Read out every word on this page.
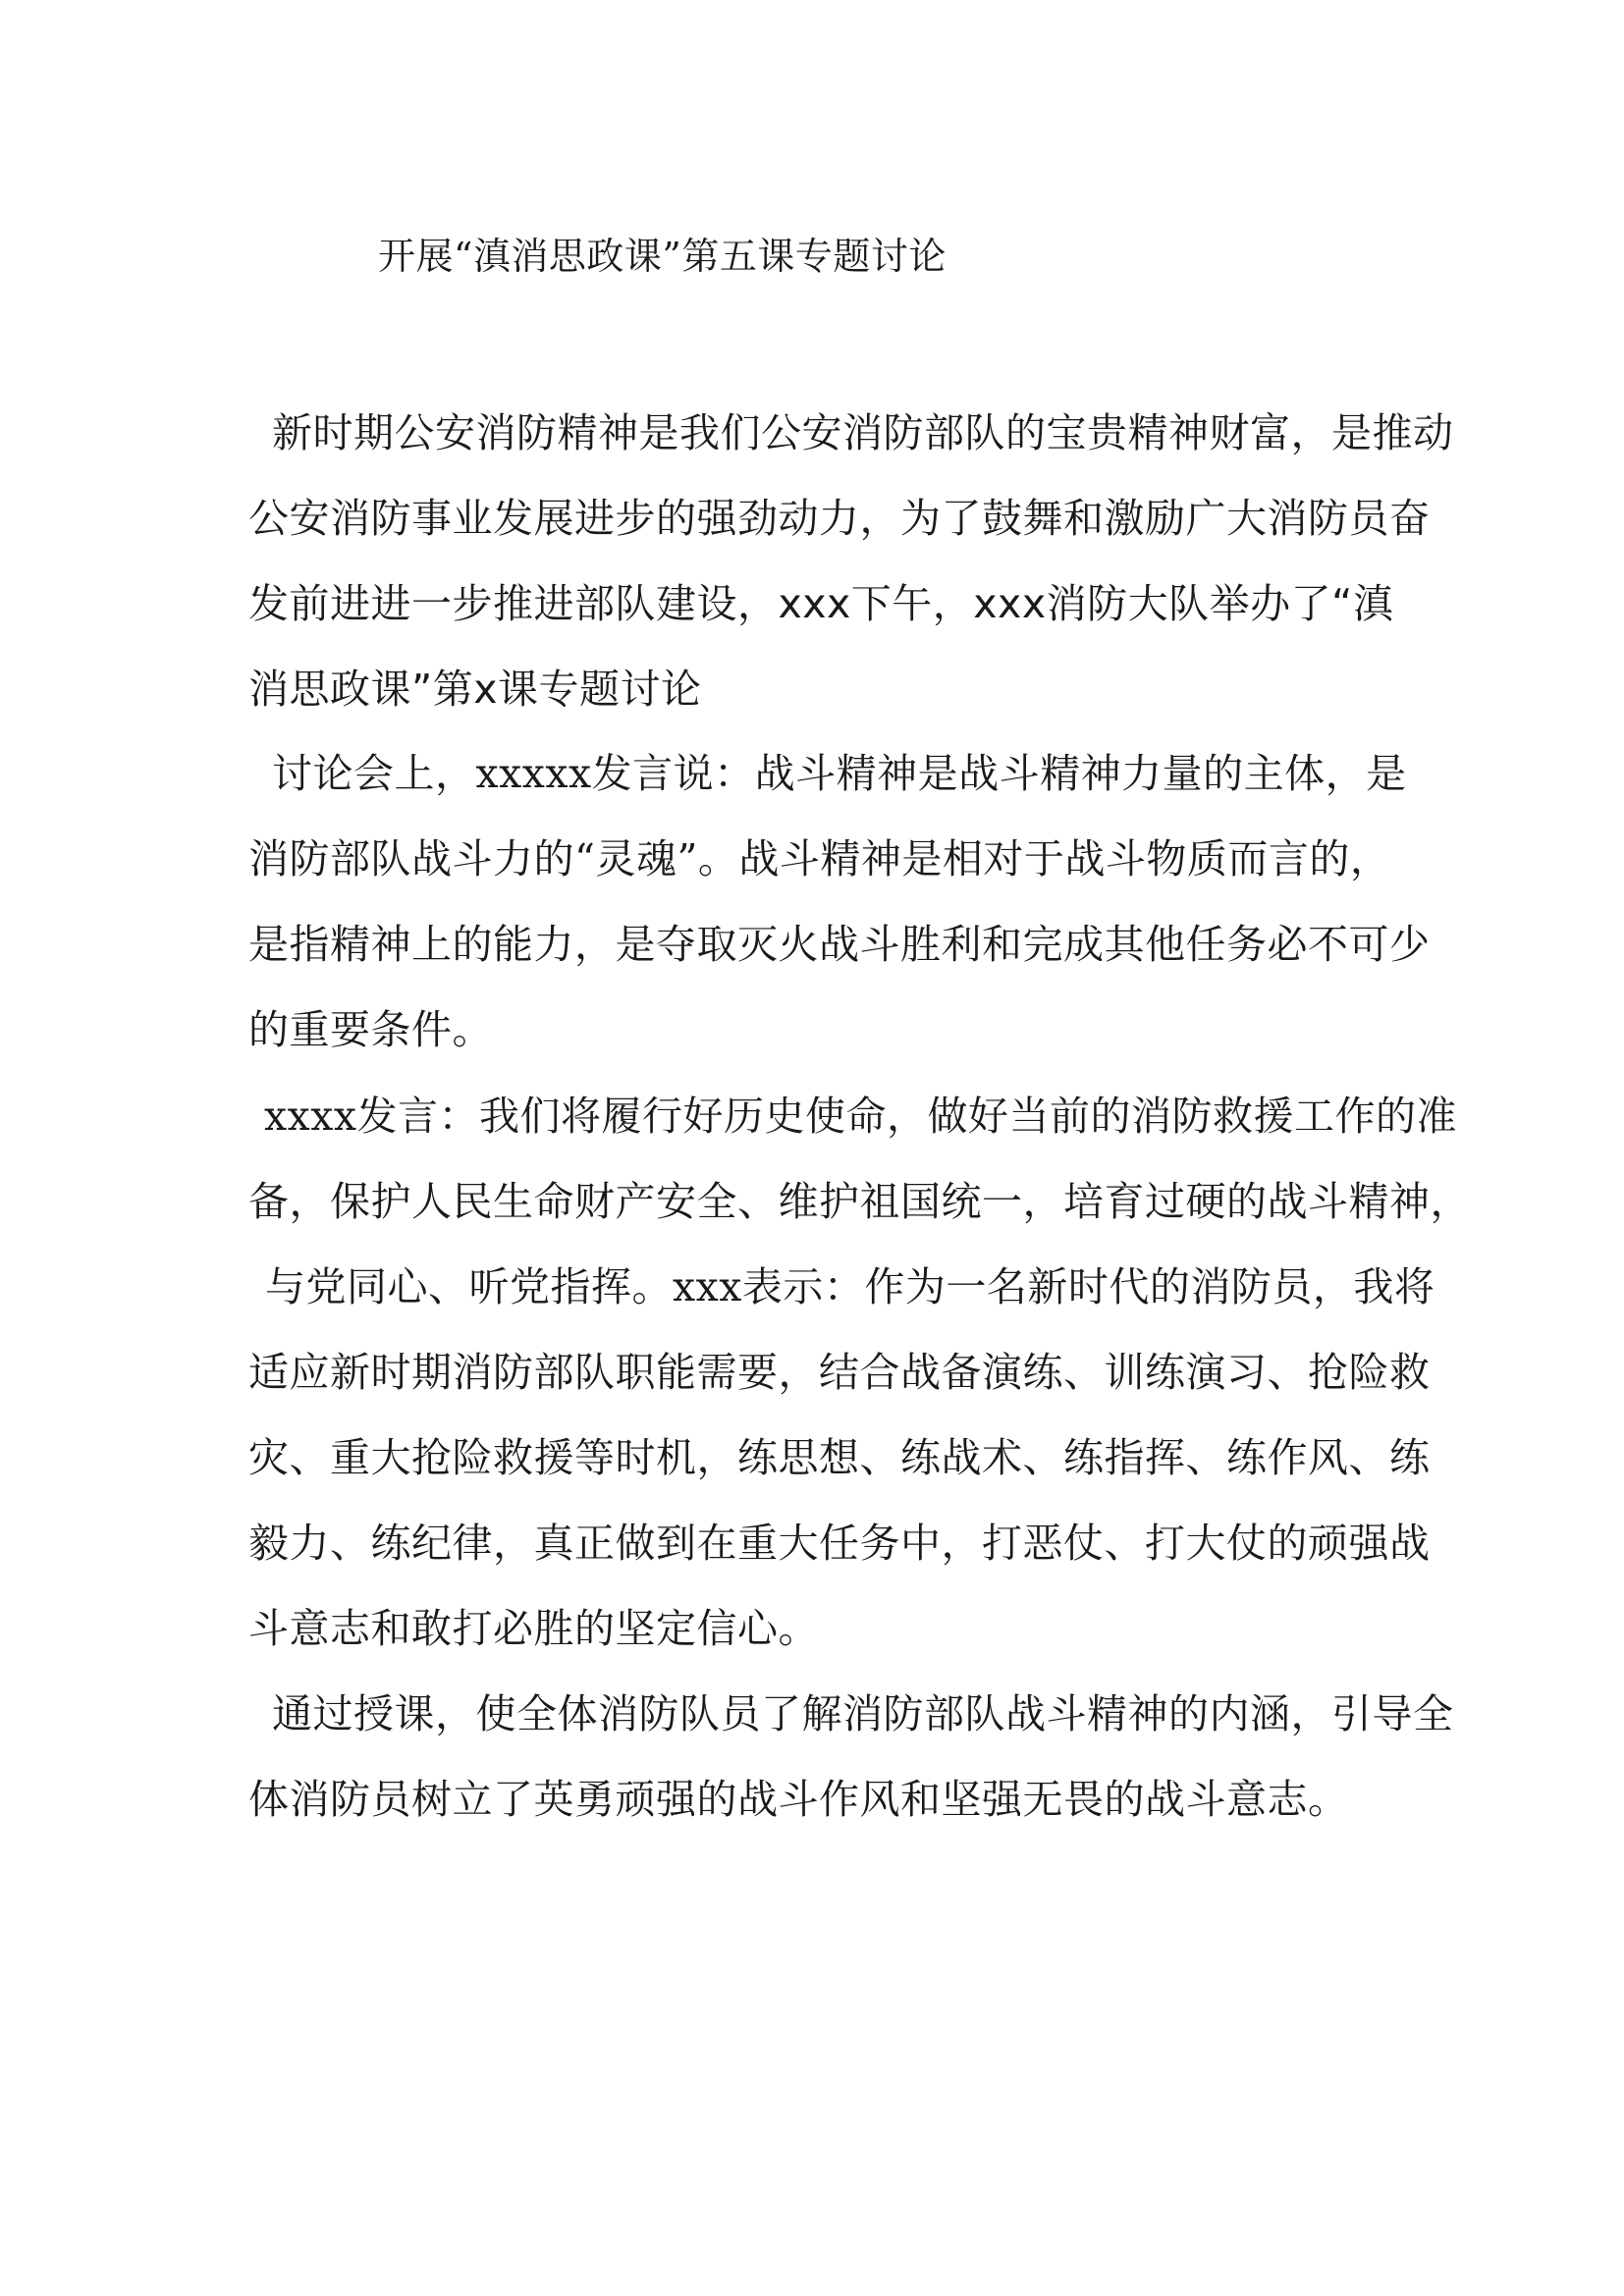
开展“滇消思政课”第五课专题讨论
新时期公安消防精神是我们公安消防部队的宝贵精神财富，是推动
公安消防事业发展进步的强劲动力，为了鼓舞和激励广大消防员奋
发前进进一步推进部队建设，xxx下午，xxx消防大队举办了“滇
消思政课”第x课专题讨论
讨论会上，xxxxx发言说：战斗精神是战斗精神力量的主体，是
消防部队战斗力的“灵魂”。战斗精神是相对于战斗物质而言的，
是指精神上的能力，是夺取灭火战斗胜利和完成其他任务必不可少
的重要条件。
xxxx发言：我们将履行好历史使命，做好当前的消防救援工作的准
备，保护人民生命财产安全、维护祖国统一，培育过硬的战斗精神，
与党同心、听党指挥。xxx表示：作为一名新时代的消防员，我将
适应新时期消防部队职能需要，结合战备演练、训练演习、抢险救
灾、重大抢险救援等时机，练思想、练战术、练指挥、练作风、练
毅力、练纪律，真正做到在重大任务中，打恶仗、打大仗的顽强战
斗意志和敢打必胜的坚定信心。
通过授课，使全体消防队员了解消防部队战斗精神的内涵，引导全
体消防员树立了英勇顽强的战斗作风和坚强无畏的战斗意志。
